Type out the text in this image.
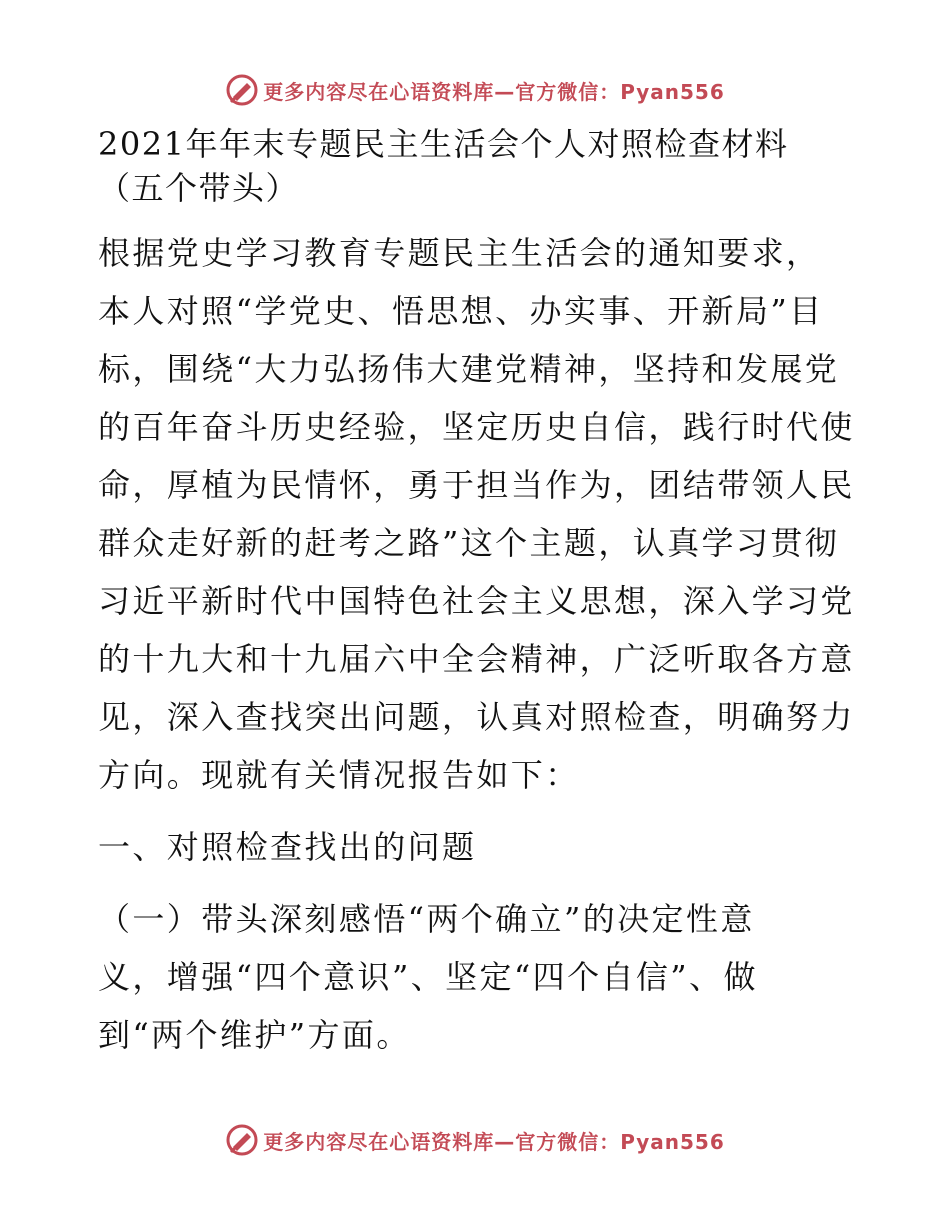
更多内容尽在心语资料库—官方微信：Pyan556
2021年年末专题民主生活会个人对照检查材料
（五个带头）
根据党史学习教育专题民主生活会的通知要求，
本人对照“学党史、悟思想、办实事、开新局”目
标，围绕“大力弘扬伟大建党精神，坚持和发展党
的百年奋斗历史经验，坚定历史自信，践行时代使
命，厚植为民情怀，勇于担当作为，团结带领人民
群众走好新的赶考之路”这个主题，认真学习贯彻
习近平新时代中国特色社会主义思想，深入学习党
的十九大和十九届六中全会精神，广泛听取各方意
见，深入查找突出问题，认真对照检查，明确努力
方向。现就有关情况报告如下：
一、对照检查找出的问题
（一）带头深刻感悟“两个确立”的决定性意
义，增强“四个意识”、坚定“四个自信”、做
到“两个维护”方面。
更多内容尽在心语资料库—官方微信：Pyan556
